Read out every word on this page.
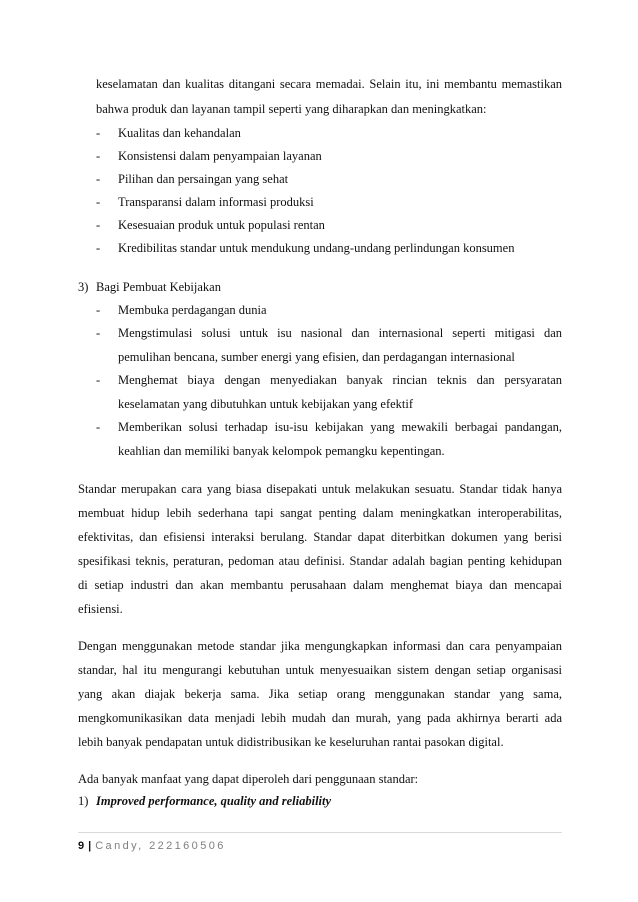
keselamatan dan kualitas ditangani secara memadai. Selain itu, ini membantu memastikan
bahwa produk dan layanan tampil seperti yang diharapkan dan meningkatkan:
- Kualitas dan kehandalan
- Konsistensi dalam penyampaian layanan
- Pilihan dan persaingan yang sehat
- Transparansi dalam informasi produksi
- Kesesuaian produk untuk populasi rentan
- Kredibilitas standar untuk mendukung undang-undang perlindungan konsumen
3) Bagi Pembuat Kebijakan
- Membuka perdagangan dunia
- Mengstimulasi solusi untuk isu nasional dan internasional seperti mitigasi dan
pemulihan bencana, sumber energi yang efisien, dan perdagangan internasional
- Menghemat biaya dengan menyediakan banyak rincian teknis dan persyaratan
keselamatan yang dibutuhkan untuk kebijakan yang efektif
- Memberikan solusi terhadap isu-isu kebijakan yang mewakili berbagai pandangan,
keahlian dan memiliki banyak kelompok pemangku kepentingan.
Standar merupakan cara yang biasa disepakati untuk melakukan sesuatu. Standar tidak hanya
membuat hidup lebih sederhana tapi sangat penting dalam meningkatkan interoperabilitas,
efektivitas, dan efisiensi interaksi berulang. Standar dapat diterbitkan dokumen yang berisi
spesifikasi teknis, peraturan, pedoman atau definisi. Standar adalah bagian penting kehidupan
di setiap industri dan akan membantu perusahaan dalam menghemat biaya dan mencapai
efisiensi.
Dengan menggunakan metode standar jika mengungkapkan informasi dan cara penyampaian
standar, hal itu mengurangi kebutuhan untuk menyesuaikan sistem dengan setiap organisasi
yang akan diajak bekerja sama. Jika setiap orang menggunakan standar yang sama,
mengkomunikasikan data menjadi lebih mudah dan murah, yang pada akhirnya berarti ada
lebih banyak pendapatan untuk didistribusikan ke keseluruhan rantai pasokan digital.
Ada banyak manfaat yang dapat diperoleh dari penggunaan standar:
1) Improved performance, quality and reliability
9 | Candy, 222160506
